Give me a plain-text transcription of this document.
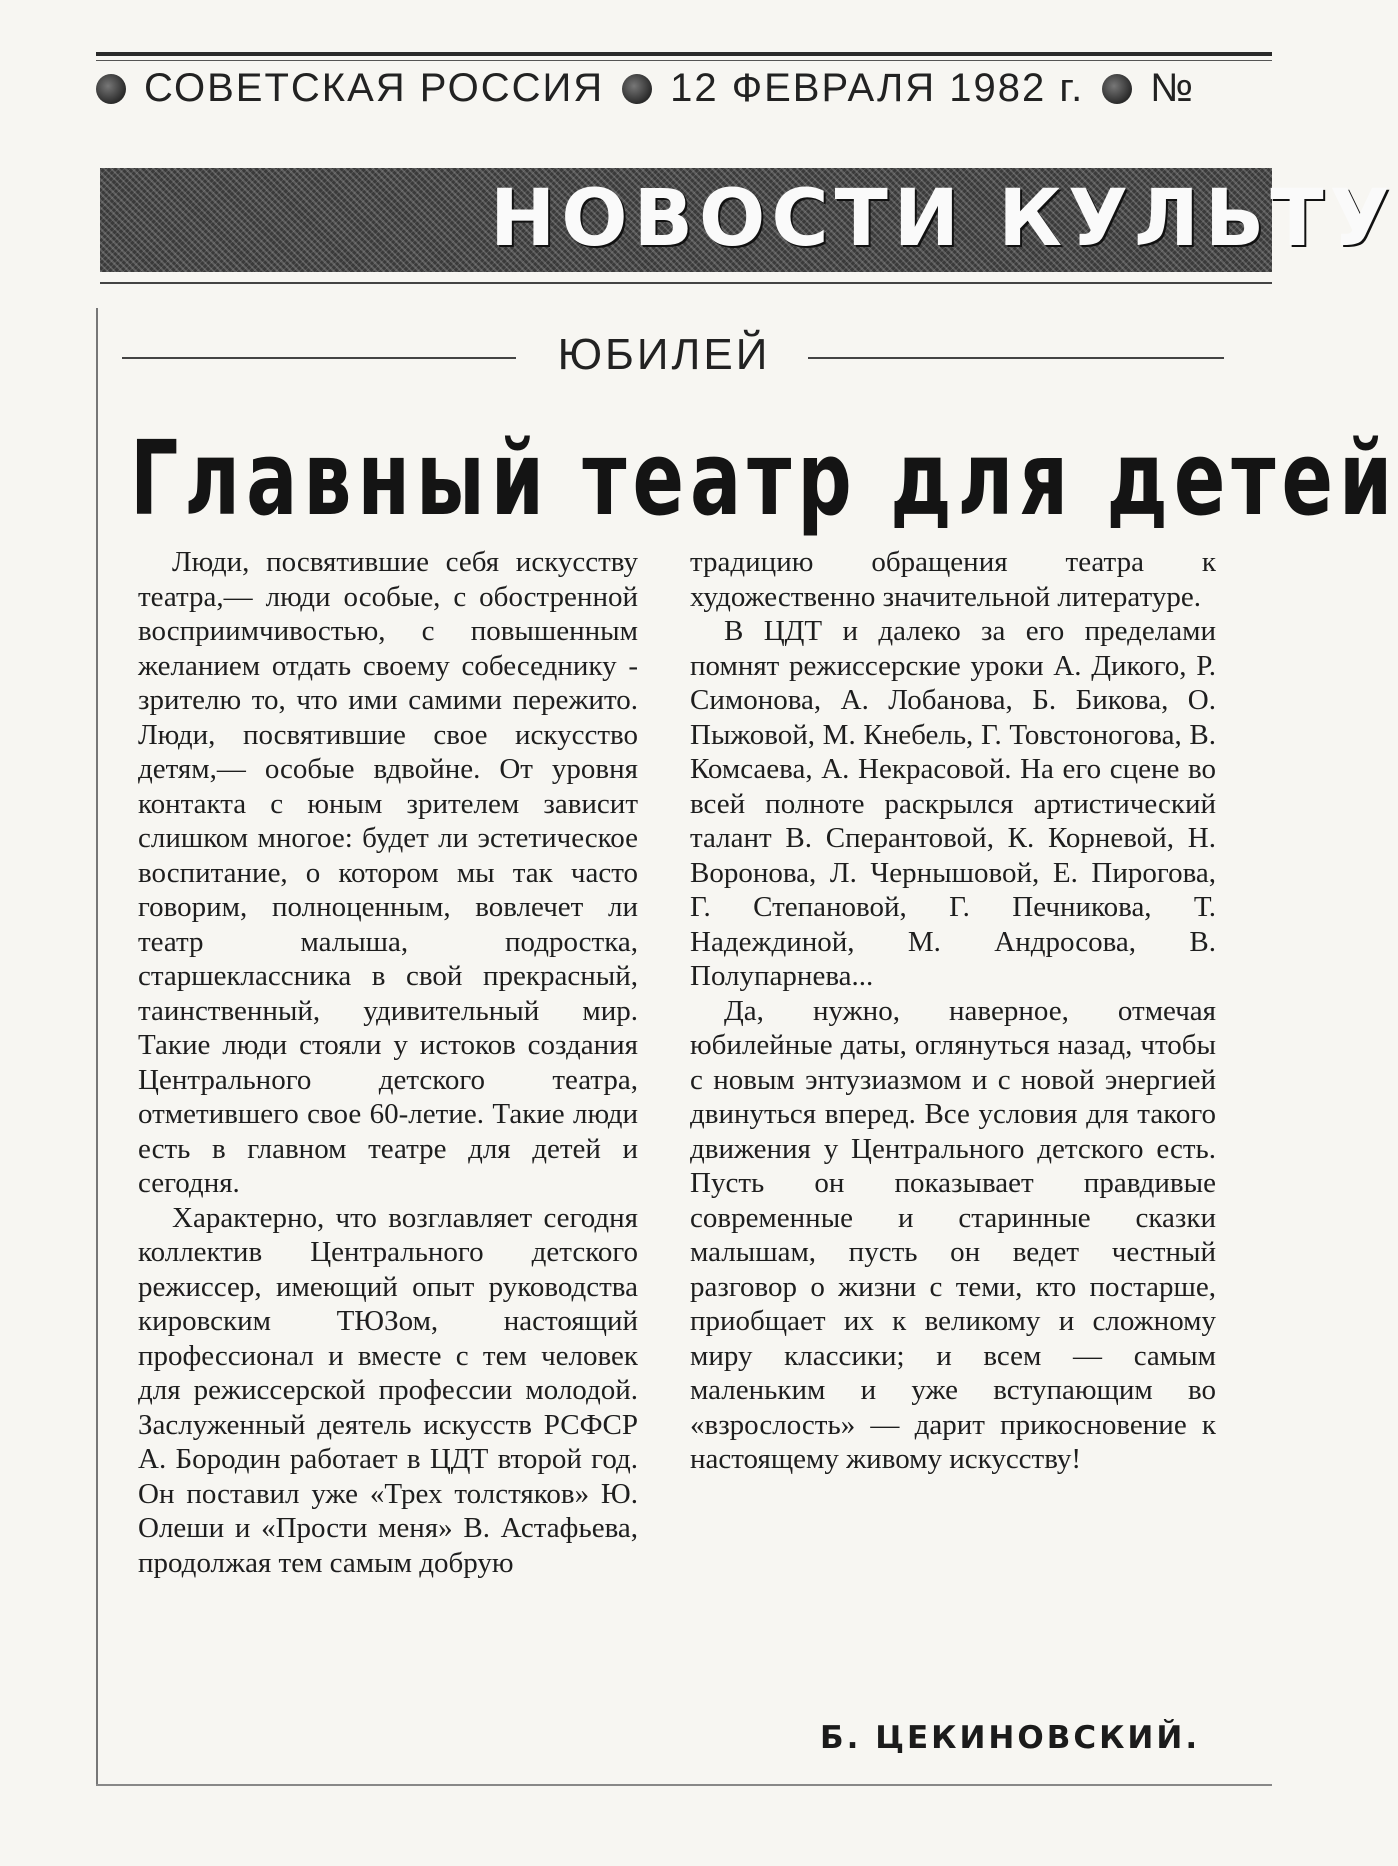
СОВЕТСКАЯ РОССИЯ 12 ФЕВРАЛЯ 1982 г. №
НОВОСТИ КУЛЬТУ
ЮБИЛЕЙ
Главный театр для детей

Люди, посвятившие себя искусству театра,— люди особые, с обостренной восприимчивостью, с повышенным желанием отдать своему собеседнику - зрителю то, что ими самими пережито. Люди, посвятившие свое искусство детям,— особые вдвойне. От уровня контакта с юным зрителем зависит слишком многое: будет ли эстетическое воспитание, о котором мы так часто говорим, полноценным, вовлечет ли театр малыша, подростка, старшеклассника в свой прекрасный, таинственный, удивительный мир. Такие люди стояли у истоков создания Центрального детского театра, отметившего свое 60-летие. Такие люди есть в главном театре для детей и сегодня.

Характерно, что возглавляет сегодня коллектив Центрального детского режиссер, имеющий опыт руководства кировским ТЮЗом, настоящий профессионал и вместе с тем человек для режиссерской профессии молодой. Заслуженный деятель искусств РСФСР А. Бородин работает в ЦДТ второй год. Он поставил уже «Трех толстяков» Ю. Олеши и «Прости меня» В. Астафьева, продолжая тем самым добрую

традицию обращения театра к художественно значительной литературе.

В ЦДТ и далеко за его пределами помнят режиссерские уроки А. Дикого, Р. Симонова, А. Лобанова, Б. Бикова, О. Пыжовой, М. Кнебель, Г. Товстоногова, В. Комсаева, А. Некрасовой. На его сцене во всей полноте раскрылся артистический талант В. Сперантовой, К. Корневой, Н. Воронова, Л. Чернышовой, Е. Пирогова, Г. Степановой, Г. Печникова, Т. Надеждиной, М. Андросова, В. Полупарнева...

Да, нужно, наверное, отмечая юбилейные даты, оглянуться назад, чтобы с новым энтузиазмом и с новой энергией двинуться вперед. Все условия для такого движения у Центрального детского есть. Пусть он показывает правдивые современные и старинные сказки малышам, пусть он ведет честный разговор о жизни с теми, кто постарше, приобщает их к великому и сложному миру классики; и всем — самым маленьким и уже вступающим во «взрослость» — дарит прикосновение к настоящему живому искусству!

Б. ЦЕКИНОВСКИЙ.
